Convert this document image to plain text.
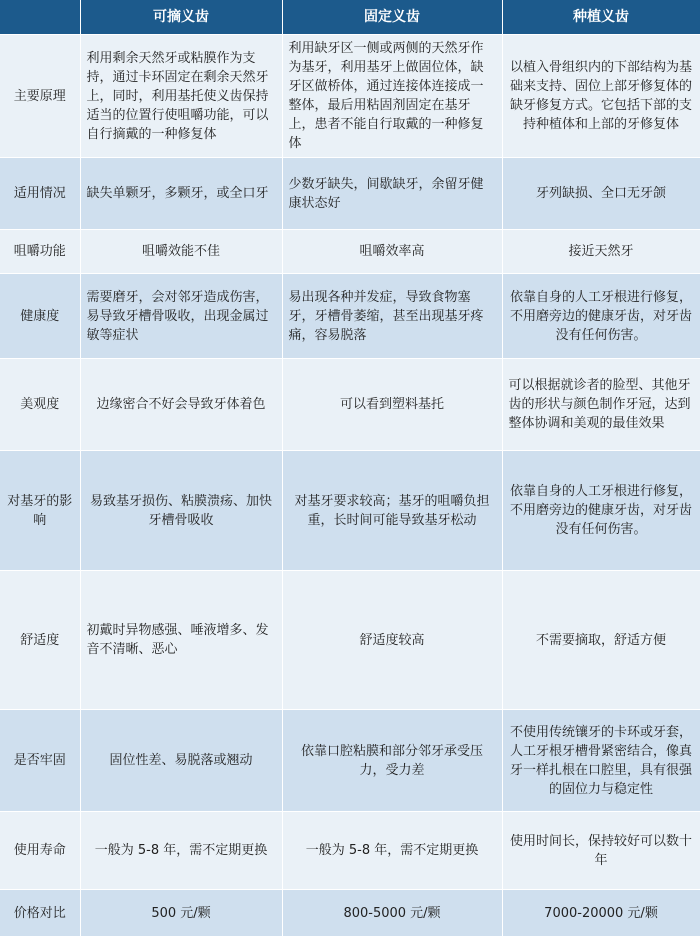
	可摘义齿	固定义齿	种植义齿
主要原理	利用剩余天然牙或粘膜作为支持，通过卡环固定在剩余天然牙上，同时，利用基托使义齿保持适当的位置行使咀嚼功能，可以自行摘戴的一种修复体	利用缺牙区一侧或两侧的天然牙作为基牙，利用基牙上做固位体，缺牙区做桥体，通过连接体连接成一整体，最后用粘固剂固定在基牙上，患者不能自行取戴的一种修复体	以植入骨组织内的下部结构为基础来支持、固位上部牙修复体的缺牙修复方式。它包括下部的支持种植体和上部的牙修复体
适用情况	缺失单颗牙，多颗牙，或全口牙	少数牙缺失，间歇缺牙，余留牙健康状态好	牙列缺损、全口无牙颌
咀嚼功能	咀嚼效能不佳	咀嚼效率高	接近天然牙
健康度	需要磨牙，会对邻牙造成伤害，易导致牙槽骨吸收，出现金属过敏等症状	易出现各种并发症，导致食物塞牙，牙槽骨萎缩，甚至出现基牙疼痛，容易脱落	依靠自身的人工牙根进行修复，不用磨旁边的健康牙齿，对牙齿没有任何伤害。
美观度	边缘密合不好会导致牙体着色	可以看到塑料基托	可以根据就诊者的脸型、其他牙齿的形状与颜色制作牙冠，达到整体协调和美观的最佳效果
对基牙的影响	易致基牙损伤、粘膜溃疡、加快牙槽骨吸收	对基牙要求较高；基牙的咀嚼负担重，长时间可能导致基牙松动	依靠自身的人工牙根进行修复，不用磨旁边的健康牙齿，对牙齿没有任何伤害。
舒适度	初戴时异物感强、唾液增多、发音不清晰、恶心	舒适度较高	不需要摘取，舒适方便
是否牢固	固位性差、易脱落或翘动	依靠口腔粘膜和部分邻牙承受压力，受力差	不使用传统镶牙的卡环或牙套，人工牙根牙槽骨紧密结合，像真牙一样扎根在口腔里，具有很强的固位力与稳定性
使用寿命	一般为 5-8 年，需不定期更换	一般为 5-8 年，需不定期更换	使用时间长，保持较好可以数十年
价格对比	500 元/颗	800-5000 元/颗	7000-20000 元/颗
